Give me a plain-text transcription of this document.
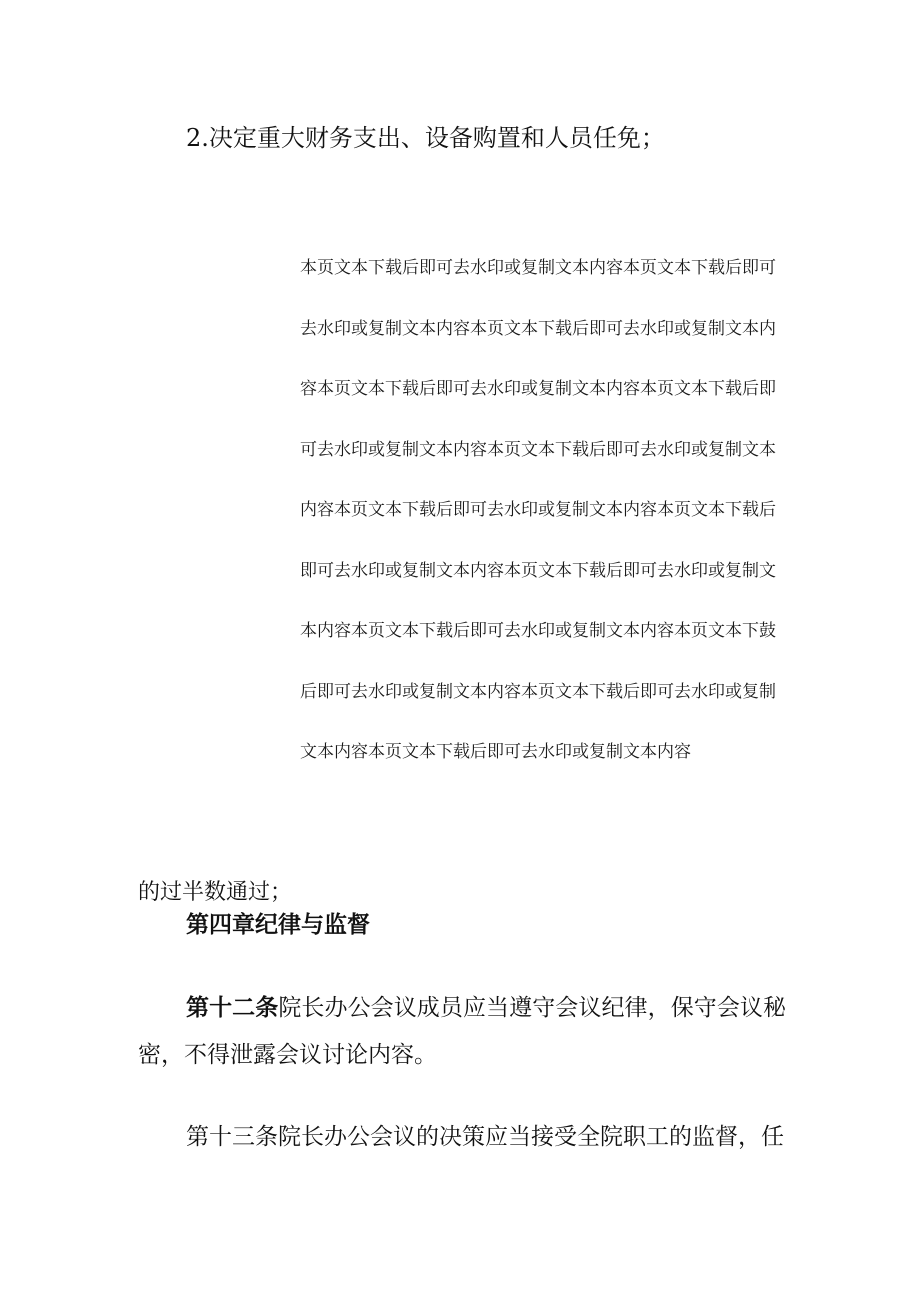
2.决定重大财务支出、设备购置和人员任免；
本页文本下载后即可去水印或复制文本内容本页文本下载后即可
去水印或复制文本内容本页文本下载后即可去水印或复制文本内
容本页文本下载后即可去水印或复制文本内容本页文本下载后即
可去水印或复制文本内容本页文本下载后即可去水印或复制文本
内容本页文本下载后即可去水印或复制文本内容本页文本下载后
即可去水印或复制文本内容本页文本下载后即可去水印或复制文
本内容本页文本下载后即可去水印或复制文本内容本页文本下鼓
后即可去水印或复制文本内容本页文本下载后即可去水印或复制
文本内容本页文本下载后即可去水印或复制文本内容
的过半数通过；
第四章纪律与监督
第十二条院长办公会议成员应当遵守会议纪律，保守会议秘密，不得泄露会议讨论内容。
第十三条院长办公会议的决策应当接受全院职工的监督，任
